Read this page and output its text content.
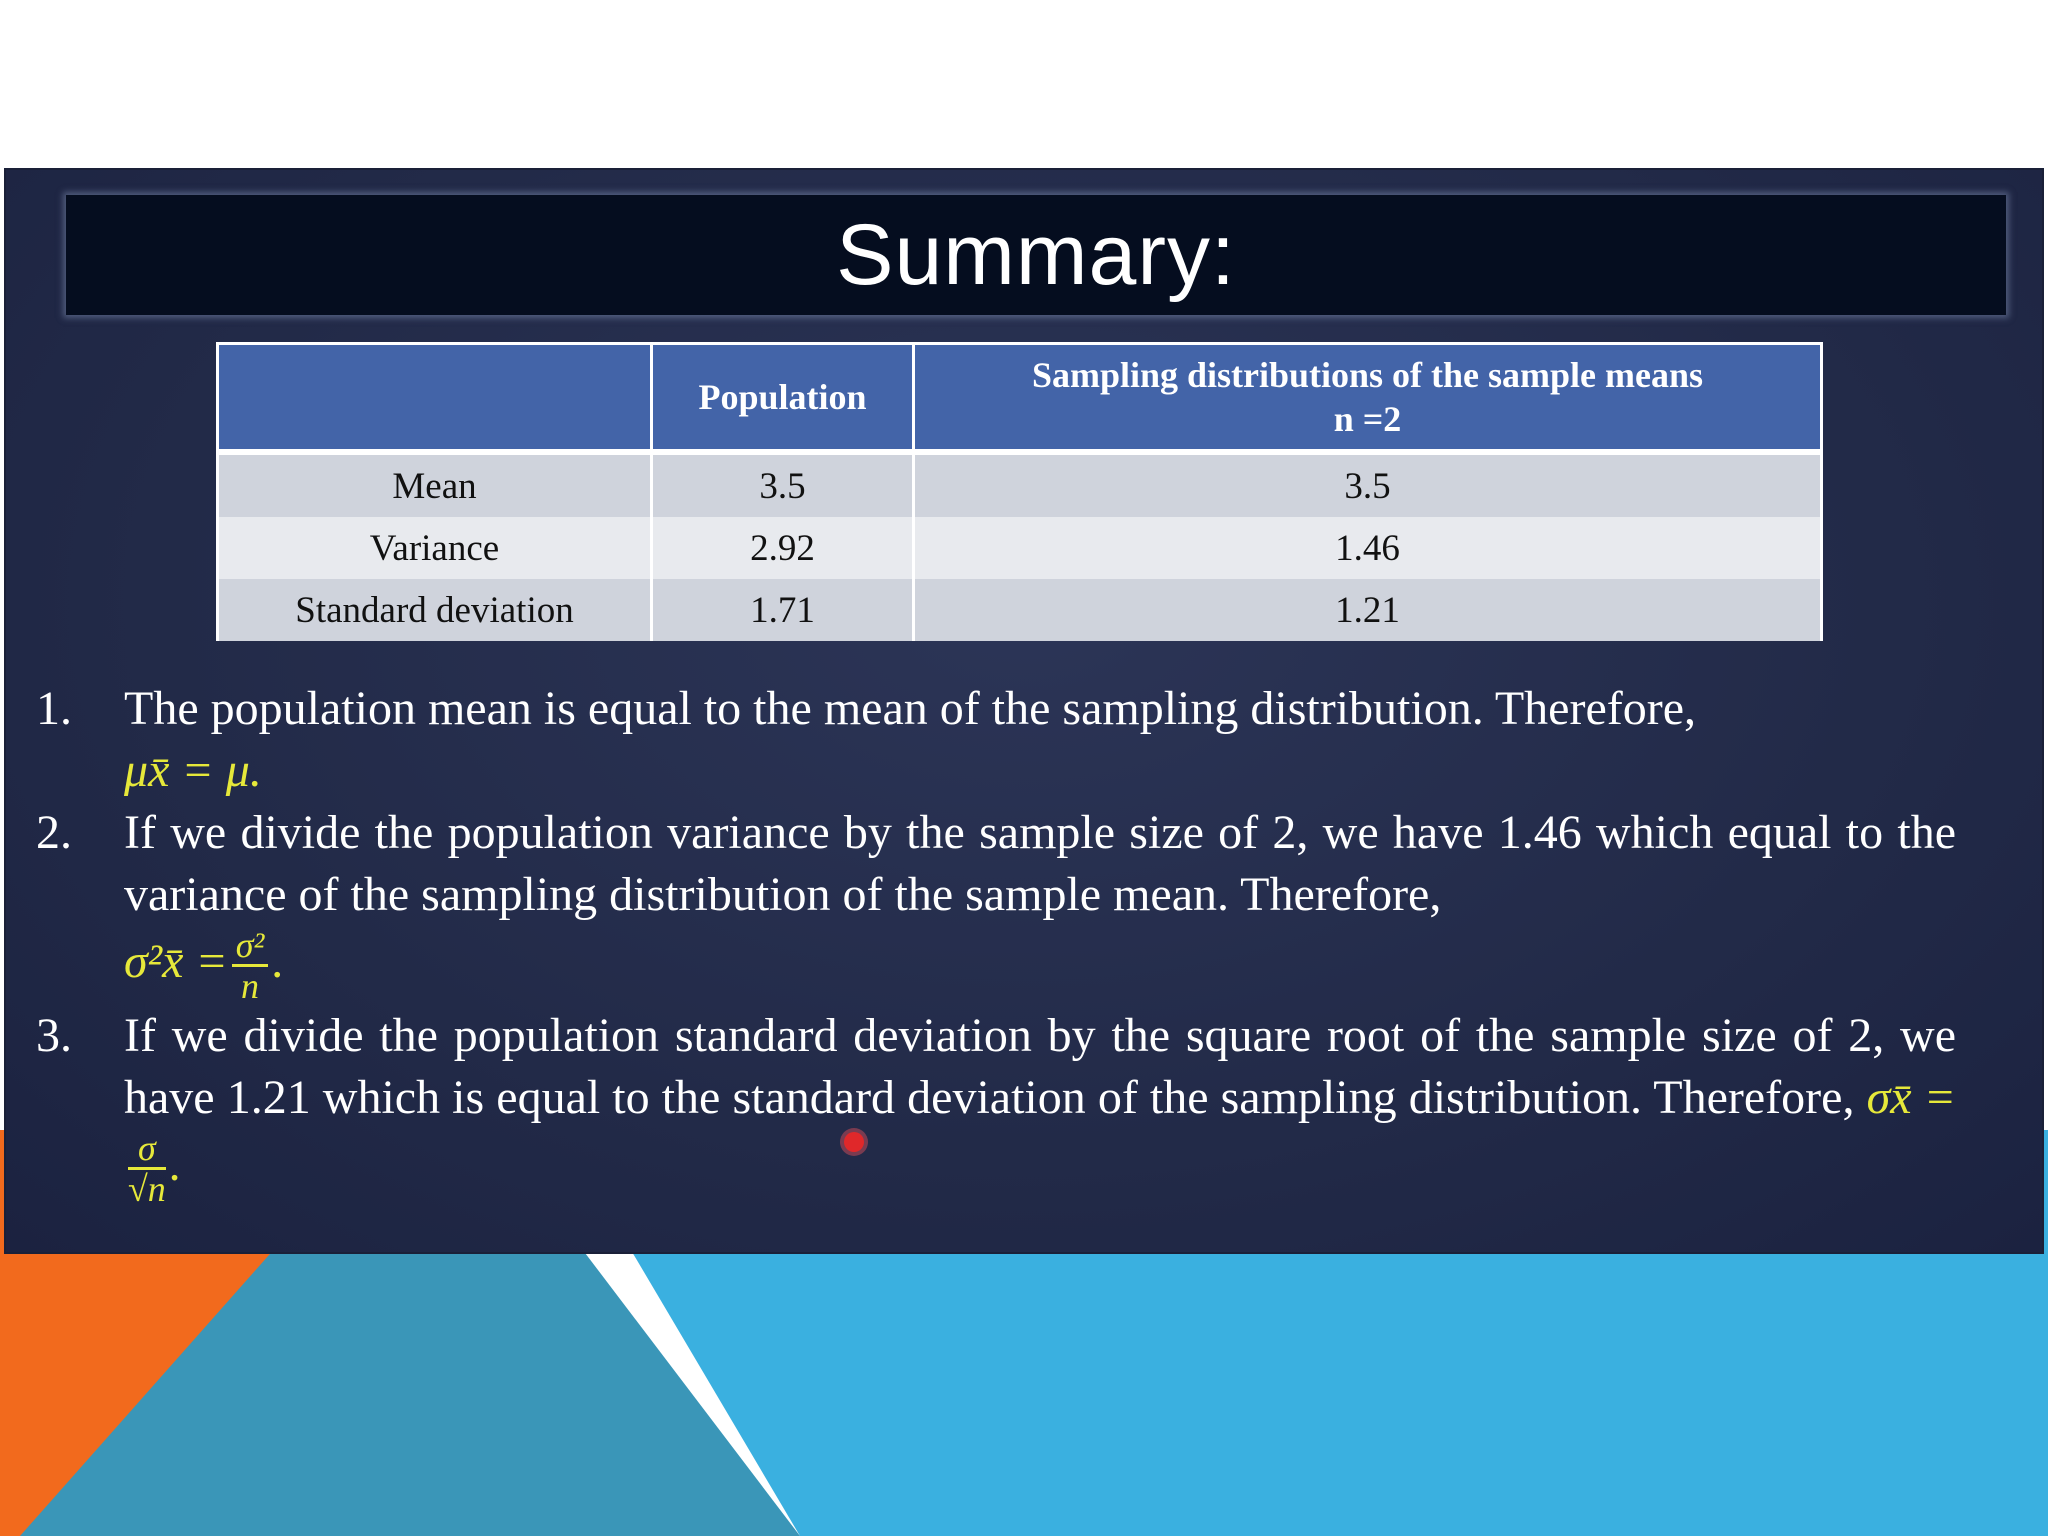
Summary:
	Population	Sampling distributions of the sample means
n =2
Mean	3.5	3.5
Variance	2.92	1.46
Standard deviation	1.71	1.21
1.	The population mean is equal to the mean of the sampling distribution. Therefore,
μx̄ = μ.
2.	If we divide the population variance by the sample size of 2, we have 1.46 which equal to the variance of the sampling distribution of the sample mean. Therefore,
σ²x̄ = $\frac{\text{σ²}}{n}$ .
3.	If we divide the population standard deviation by the square root of the sample size of 2, we have 1.21 which is equal to the standard deviation of the sampling distribution. Therefore, σx̄ =
$\frac{\sigma}{√n}$ .
